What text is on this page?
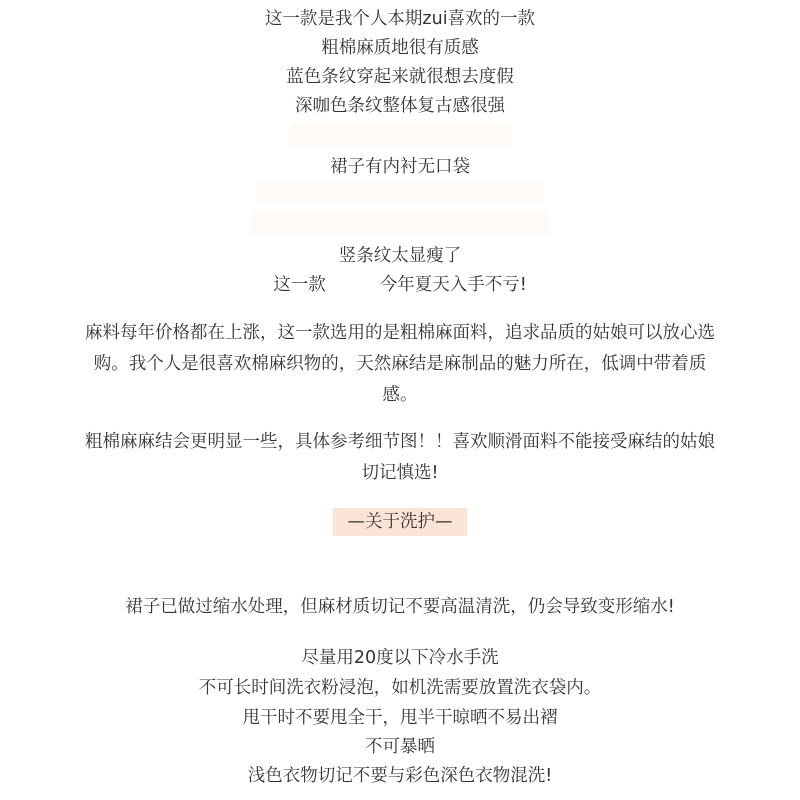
这一款是我个人本期zui喜欢的一款
粗棉麻质地很有质感
蓝色条纹穿起来就很想去度假
深咖色条纹整体复古感很强
裙子有内衬无口袋
竖条纹太显瘦了
这一款	今年夏天入手不亏!
麻料每年价格都在上涨，这一款选用的是粗棉麻面料，追求品质的姑娘可以放心选购。我个人是很喜欢棉麻织物的，天然麻结是麻制品的魅力所在，低调中带着质感。
粗棉麻麻结会更明显一些，具体参考细节图！！喜欢顺滑面料不能接受麻结的姑娘切记慎选!
—关于洗护—
裙子已做过缩水处理，但麻材质切记不要高温清洗，仍会导致变形缩水!
尽量用20度以下冷水手洗
不可长时间洗衣粉浸泡，如机洗需要放置洗衣袋内。
甩干时不要甩全干，甩半干晾晒不易出褶
不可暴晒
浅色衣物切记不要与彩色深色衣物混洗!
